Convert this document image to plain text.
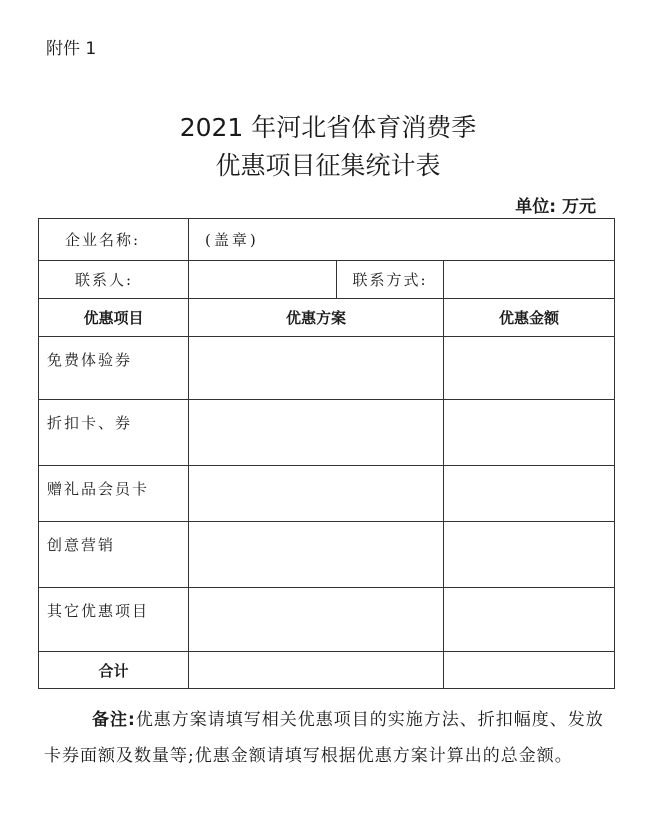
附件 1
2021 年河北省体育消费季
优惠项目征集统计表
单位: 万元
企业名称:	(盖章)		
联系人:		联系方式:	
优惠项目	优惠方案		优惠金额
免费体验券			
折扣卡、券			
赠礼品会员卡			
创意营销			
其它优惠项目			
合计			
备注:优惠方案请填写相关优惠项目的实施方法、折扣幅度、发放卡券面额及数量等;优惠金额请填写根据优惠方案计算出的总金额。
